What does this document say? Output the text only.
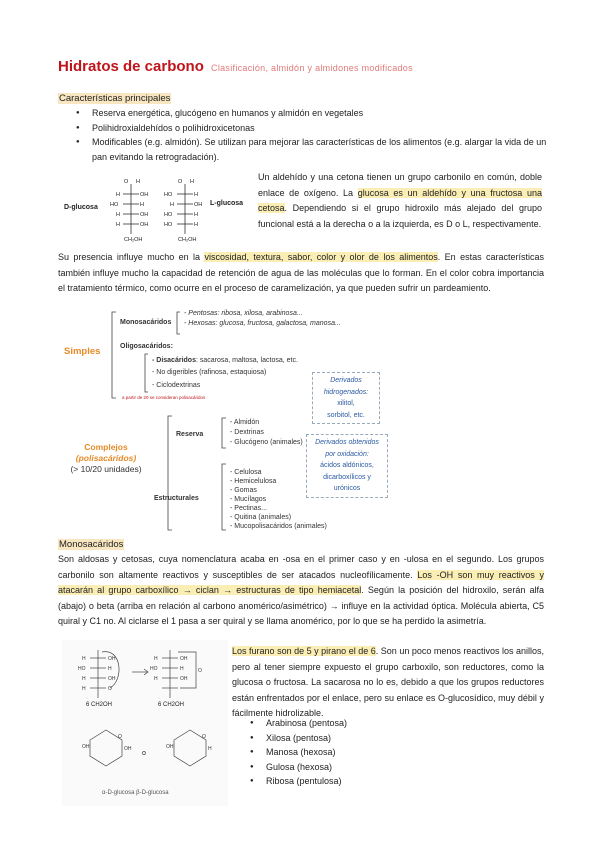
Hidratos de carbono Clasificación, almidón y almidones modificados
Características principales
● Reserva energética, glucógeno en humanos y almidón en vegetales
● Polihidroxialdehídos o polihidroxicetonas
● Modificables (e.g. almidón). Se utilizan para mejorar las características de los alimentos (e.g. alargar la vida de un pan evitando la retrogradación).
D-glucosa
L-glucosa
O H
H	OH
HO	H
H	OH
H	OH
CH₂OH
O H
HO	H
H	OH
HO	H
HO	H
CH₂OH
Un aldehído y una cetona tienen un grupo carbonilo en común, doble enlace de oxígeno. La glucosa es un aldehído y una fructosa una cetosa. Dependiendo si el grupo hidroxilo más alejado del grupo funcional está a la derecha o a la izquierda, es D o L, respectivamente.
Su presencia influye mucho en la viscosidad, textura, sabor, color y olor de los alimentos. En estas características también influye mucho la capacidad de retención de agua de las moléculas que lo forman. En el color cobra importancia el tratamiento térmico, como ocurre en el proceso de caramelización, ya que pueden sufrir un pardeamiento.
Simples
Monosacáridos
- Pentosas: ribosa, xilosa, arabinosa...
- Hexosas: glucosa, fructosa, galactosa, manosa...
Oligosacáridos:
- Disacáridos: sacarosa, maltosa, lactosa, etc.
- No digeribles (rafinosa, estaquiosa)
- Ciclodextrinas
a partir de 20 se consideran polisacáridos
Complejos
(polisacáridos)
(> 10/20 unidades)
Reserva
- Almidón
- Dextrinas
- Glucógeno (animales)
Estructurales
- Celulosa
- Hemicelulosa
- Gomas
- Mucílagos
- Pectinas...
- Quitina (animales)
- Mucopolisacáridos (animales)
Derivados
hidrogenados:
xilitol,
sorbitol, etc.
Derivados obtenidos
por oxidación:
ácidos aldónicos,
dicarboxílicos y
urónicos
Monosacáridos
Son aldosas y cetosas, cuya nomenclatura acaba en -osa en el primer caso y en -ulosa en el segundo. Los grupos carbonilo son altamente reactivos y susceptibles de ser atacados nucleofílicamente. Los -OH son muy reactivos y atacarán al grupo carboxílico → ciclan → estructuras de tipo hemiacetal. Según la posición del hidroxilo, serán alfa (abajo) o beta (arriba en relación al carbono anomérico/asimétrico) → influye en la actividad óptica. Molécula abierta, C5 quiral y C1 no. Al ciclarse el 1 pasa a ser quiral y se llama anomérico, por lo que se ha perdido la asimetría.
H	OH
HO	H
H	OH
H	O
H	OH
HO	H
H	OH
O
O	O
OH	OH	OH	H
6 CH2OH	6 CH2OH
o
α-D-glucosa β-D-glucosa
Los furano son de 5 y pirano el de 6. Son un poco menos reactivos los anillos, pero al tener siempre expuesto el grupo carboxilo, son reductores, como la glucosa o fructosa. La sacarosa no lo es, debido a que los grupos reductores están enfrentados por el enlace, pero su enlace es O-glucosídico, muy débil y fácilmente hidrolizable.
● Arabinosa (pentosa)
● Xilosa (pentosa)
● Manosa (hexosa)
● Gulosa (hexosa)
● Ribosa (pentulosa)
